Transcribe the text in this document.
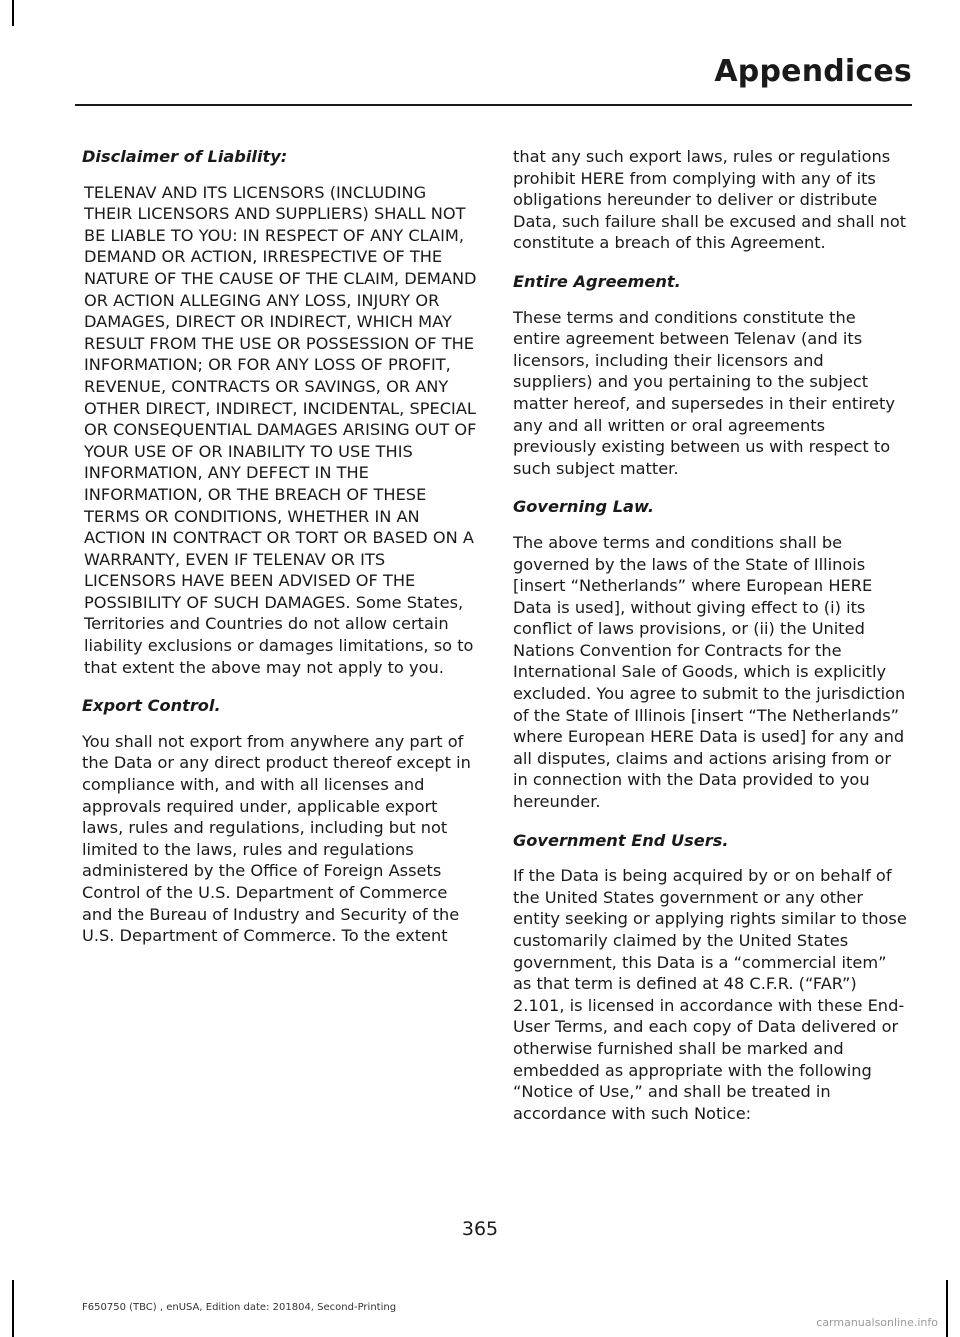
Appendices
Disclaimer of Liability:
TELENAV AND ITS LICENSORS (INCLUDING THEIR LICENSORS AND SUPPLIERS) SHALL NOT BE LIABLE TO YOU: IN RESPECT OF ANY CLAIM, DEMAND OR ACTION, IRRESPECTIVE OF THE NATURE OF THE CAUSE OF THE CLAIM, DEMAND OR ACTION ALLEGING ANY LOSS, INJURY OR DAMAGES, DIRECT OR INDIRECT, WHICH MAY RESULT FROM THE USE OR POSSESSION OF THE INFORMATION; OR FOR ANY LOSS OF PROFIT, REVENUE, CONTRACTS OR SAVINGS, OR ANY OTHER DIRECT, INDIRECT, INCIDENTAL, SPECIAL OR CONSEQUENTIAL DAMAGES ARISING OUT OF YOUR USE OF OR INABILITY TO USE THIS INFORMATION, ANY DEFECT IN THE INFORMATION, OR THE BREACH OF THESE TERMS OR CONDITIONS, WHETHER IN AN ACTION IN CONTRACT OR TORT OR BASED ON A WARRANTY, EVEN IF TELENAV OR ITS LICENSORS HAVE BEEN ADVISED OF THE POSSIBILITY OF SUCH DAMAGES. Some States, Territories and Countries do not allow certain liability exclusions or damages limitations, so to that extent the above may not apply to you.
Export Control.
You shall not export from anywhere any part of the Data or any direct product thereof except in compliance with, and with all licenses and approvals required under, applicable export laws, rules and regulations, including but not limited to the laws, rules and regulations administered by the Office of Foreign Assets Control of the U.S. Department of Commerce and the Bureau of Industry and Security of the U.S. Department of Commerce. To the extent
that any such export laws, rules or regulations prohibit HERE from complying with any of its obligations hereunder to deliver or distribute Data, such failure shall be excused and shall not constitute a breach of this Agreement.
Entire Agreement.
These terms and conditions constitute the entire agreement between Telenav (and its licensors, including their licensors and suppliers) and you pertaining to the subject matter hereof, and supersedes in their entirety any and all written or oral agreements previously existing between us with respect to such subject matter.
Governing Law.
The above terms and conditions shall be governed by the laws of the State of Illinois [insert “Netherlands” where European HERE Data is used], without giving effect to (i) its conflict of laws provisions, or (ii) the United Nations Convention for Contracts for the International Sale of Goods, which is explicitly excluded. You agree to submit to the jurisdiction of the State of Illinois [insert “The Netherlands” where European HERE Data is used] for any and all disputes, claims and actions arising from or in connection with the Data provided to you hereunder.
Government End Users.
If the Data is being acquired by or on behalf of the United States government or any other entity seeking or applying rights similar to those customarily claimed by the United States government, this Data is a “commercial item” as that term is defined at 48 C.F.R. (“FAR”) 2.101, is licensed in accordance with these End-User Terms, and each copy of Data delivered or otherwise furnished shall be marked and embedded as appropriate with the following “Notice of Use,” and shall be treated in accordance with such Notice:
365
F650750 (TBC) , enUSA, Edition date: 201804, Second-Printing
carmanualsonline.info
